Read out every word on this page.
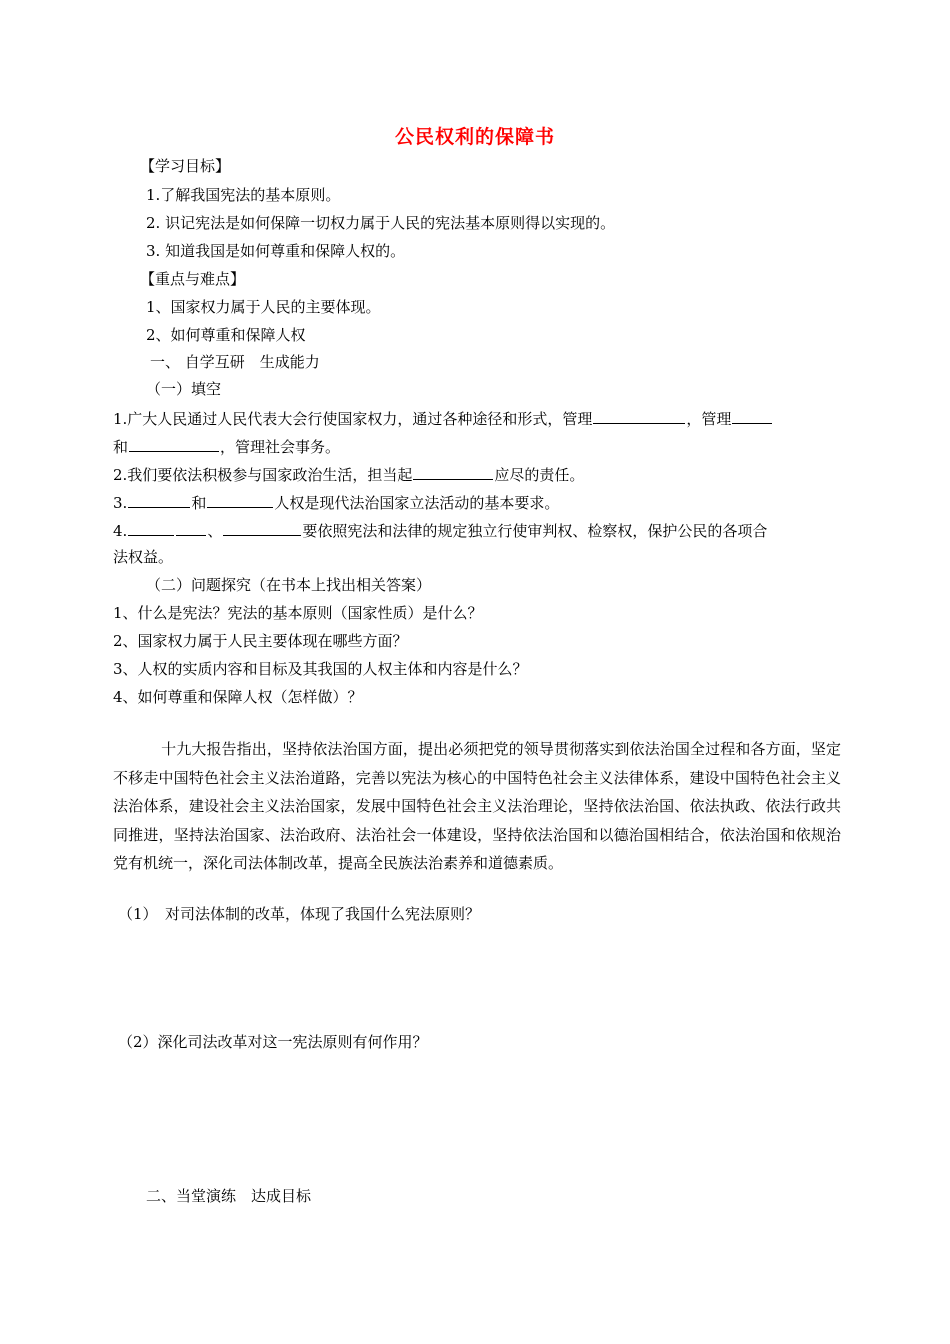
公民权利的保障书
【学习目标】
1.了解我国宪法的基本原则。
2. 识记宪法是如何保障一切权力属于人民的宪法基本原则得以实现的。
3. 知道我国是如何尊重和保障人权的。
【重点与难点】
1、国家权力属于人民的主要体现。
2、如何尊重和保障人权
一、 自学互研　生成能力
（一）填空
1.广大人民通过人民代表大会行使国家权力，通过各种途径和形式，管理	，管理
和	，管理社会事务。
2.我们要依法积极参与国家政治生活，担当起	应尽的责任。
3.	和	人权是现代法治国家立法活动的基本要求。
4.	、	要依照宪法和法律的规定独立行使审判权、检察权，保护公民的各项合
法权益。
（二）问题探究（在书本上找出相关答案）
1、什么是宪法？宪法的基本原则（国家性质）是什么？
2、国家权力属于人民主要体现在哪些方面？
3、人权的实质内容和目标及其我国的人权主体和内容是什么？
4、如何尊重和保障人权（怎样做）？
十九大报告指出，坚持依法治国方面，提出必须把党的领导贯彻落实到依法治国全过程和各方面，坚定不移走中国特色社会主义法治道路，完善以宪法为核心的中国特色社会主义法律体系，建设中国特色社会主义法治体系，建设社会主义法治国家，发展中国特色社会主义法治理论，坚持依法治国、依法执政、依法行政共同推进，坚持法治国家、法治政府、法治社会一体建设，坚持依法治国和以德治国相结合，依法治国和依规治党有机统一，深化司法体制改革，提高全民族法治素养和道德素质。
（1）　对司法体制的改革，体现了我国什么宪法原则？
（2）深化司法改革对这一宪法原则有何作用？
二、当堂演练　达成目标
